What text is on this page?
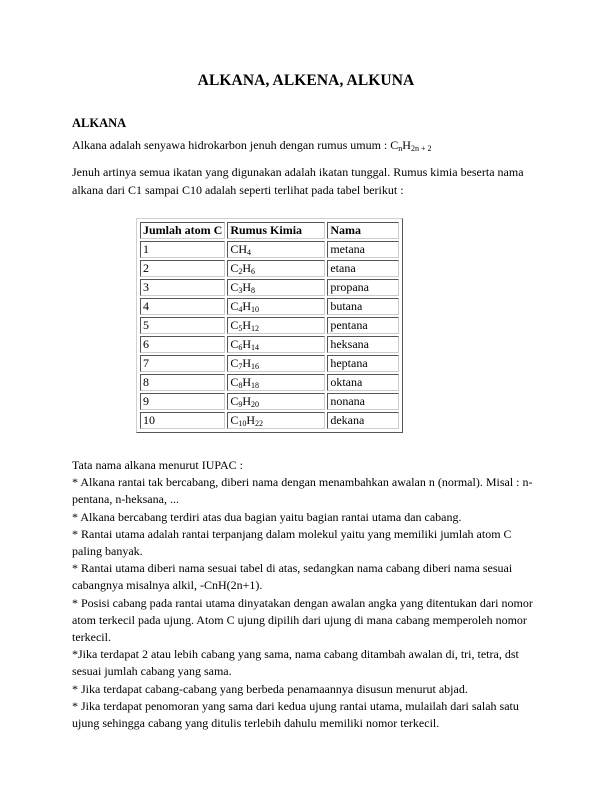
ALKANA, ALKENA, ALKUNA
ALKANA
Alkana adalah senyawa hidrokarbon jenuh dengan rumus umum : $C_nH_{2n + 2}$
Jenuh artinya semua ikatan yang digunakan adalah ikatan tunggal. Rumus kimia beserta nama alkana dari C1 sampai C10 adalah seperti terlihat pada tabel berikut :
Jumlah atom C	Rumus Kimia	Nama
1	$CH_4$	metana
2	$C_2H_6$	etana
3	$C_3H_8$	propana
4	$C_4H_{10}$	butana
5	$C_5H_{12}$	pentana
6	$C_6H_{14}$	heksana
7	$C_7H_{16}$	heptana
8	$C_8H_{18}$	oktana
9	$C_9H_{20}$	nonana
10	$C_{10}H_{22}$	dekana
Tata nama alkana menurut IUPAC :
* Alkana rantai tak bercabang, diberi nama dengan menambahkan awalan n (normal). Misal : n-pentana, n-heksana, ...
* Alkana bercabang terdiri atas dua bagian yaitu bagian rantai utama dan cabang.
* Rantai utama adalah rantai terpanjang dalam molekul yaitu yang memiliki jumlah atom C paling banyak.
* Rantai utama diberi nama sesuai tabel di atas, sedangkan nama cabang diberi nama sesuai cabangnya misalnya alkil, -CnH(2n+1).
* Posisi cabang pada rantai utama dinyatakan dengan awalan angka yang ditentukan dari nomor atom terkecil pada ujung. Atom C ujung dipilih dari ujung di mana cabang memperoleh nomor terkecil.
*Jika terdapat 2 atau lebih cabang yang sama, nama cabang ditambah awalan di, tri, tetra, dst sesuai jumlah cabang yang sama.
* Jika terdapat cabang-cabang yang berbeda penamaannya disusun menurut abjad.
* Jika terdapat penomoran yang sama dari kedua ujung rantai utama, mulailah dari salah satu ujung sehingga cabang yang ditulis terlebih dahulu memiliki nomor terkecil.
